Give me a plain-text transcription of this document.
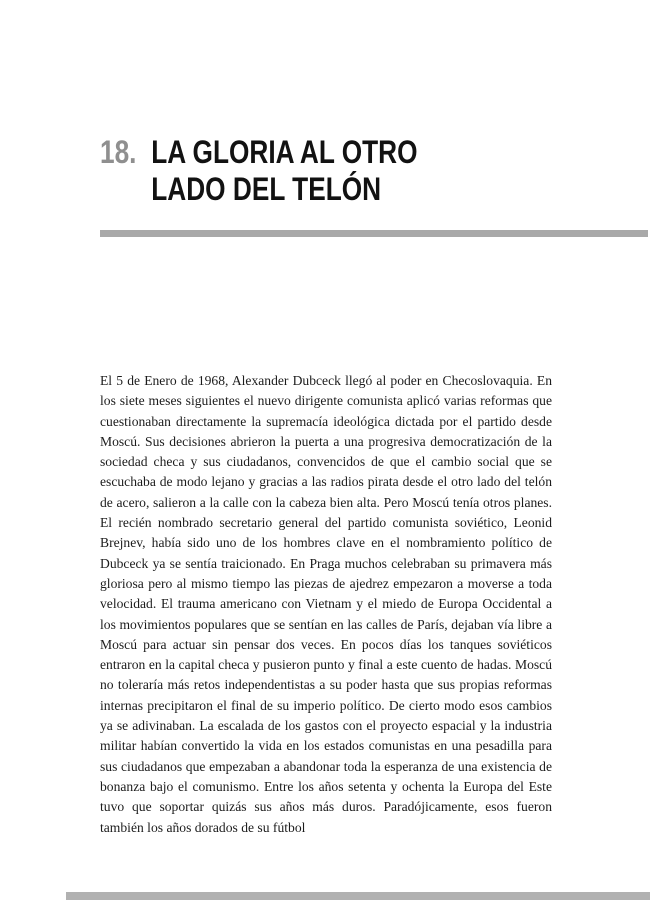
18. LA GLORIA AL OTRO
LADO DEL TELÓN

El 5 de Enero de 1968, Alexander Dubceck llegó al poder en Checoslovaquia. En los siete meses siguientes el nuevo dirigente comunista aplicó varias reformas que cuestionaban directamente la supremacía ideológica dictada por el partido desde Moscú. Sus decisiones abrieron la puerta a una progresiva democratización de la sociedad checa y sus ciudadanos, convencidos de que el cambio social que se escuchaba de modo lejano y gracias a las radios pirata desde el otro lado del telón de acero, salieron a la calle con la cabeza bien alta. Pero Moscú tenía otros planes. El recién nombrado secretario general del partido comunista soviético, Leonid Brejnev, había sido uno de los hombres clave en el nombramiento político de Dubceck ya se sentía traicionado. En Praga muchos celebraban su primavera más gloriosa pero al mismo tiempo las piezas de ajedrez empezaron a moverse a toda velocidad. El trauma americano con Vietnam y el miedo de Europa Occidental a los movimientos populares que se sentían en las calles de París, dejaban vía libre a Moscú para actuar sin pensar dos veces. En pocos días los tanques soviéticos entraron en la capital checa y pusieron punto y final a este cuento de hadas. Moscú no toleraría más retos independentistas a su poder hasta que sus propias reformas internas precipitaron el final de su imperio político. De cierto modo esos cambios ya se adivinaban. La escalada de los gastos con el proyecto espacial y la industria militar habían convertido la vida en los estados comunistas en una pesadilla para sus ciudadanos que empezaban a abandonar toda la esperanza de una existencia de bonanza bajo el comunismo. Entre los años setenta y ochenta la Europa del Este tuvo que soportar quizás sus años más duros. Paradójicamente, esos fueron también los años dorados de su fútbol
